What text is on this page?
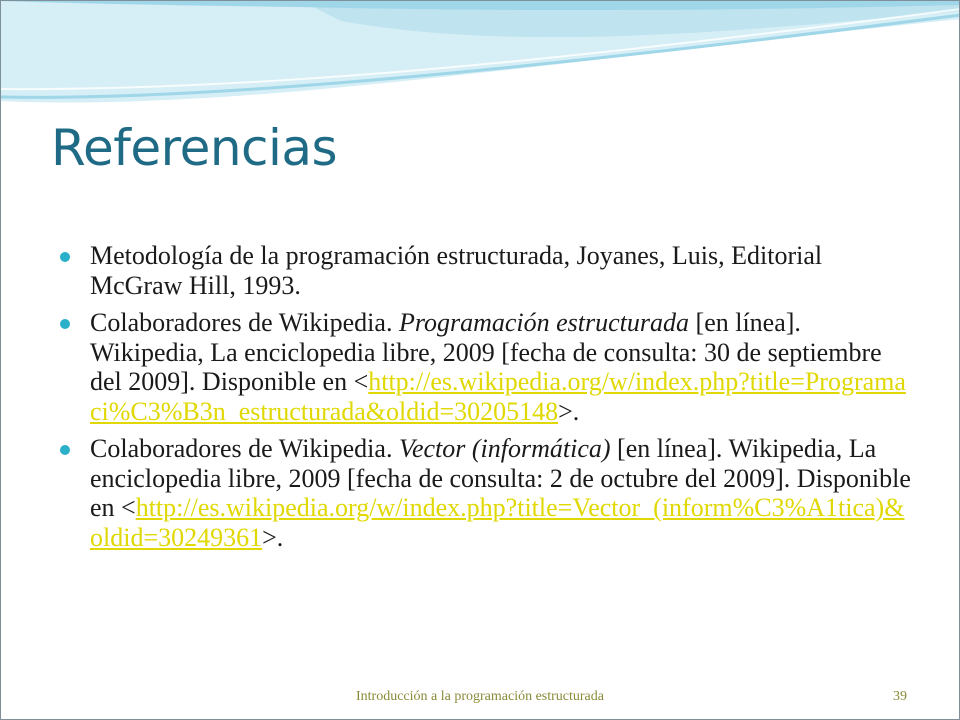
Referencias
Metodología de la programación estructurada, Joyanes, Luis, Editorial McGraw Hill, 1993.
Colaboradores de Wikipedia. Programación estructurada [en línea]. Wikipedia, La enciclopedia libre, 2009 [fecha de consulta: 30 de septiembre del 2009]. Disponible en <http://es.wikipedia.org/w/index.php?title=Programaci%C3%B3n_estructurada&oldid=30205148>.
Colaboradores de Wikipedia. Vector (informática) [en línea]. Wikipedia, La enciclopedia libre, 2009 [fecha de consulta: 2 de octubre del 2009]. Disponible en <http://es.wikipedia.org/w/index.php?title=Vector_(inform%C3%A1tica)&oldid=30249361>.
Introducción a la programación estructurada	39
